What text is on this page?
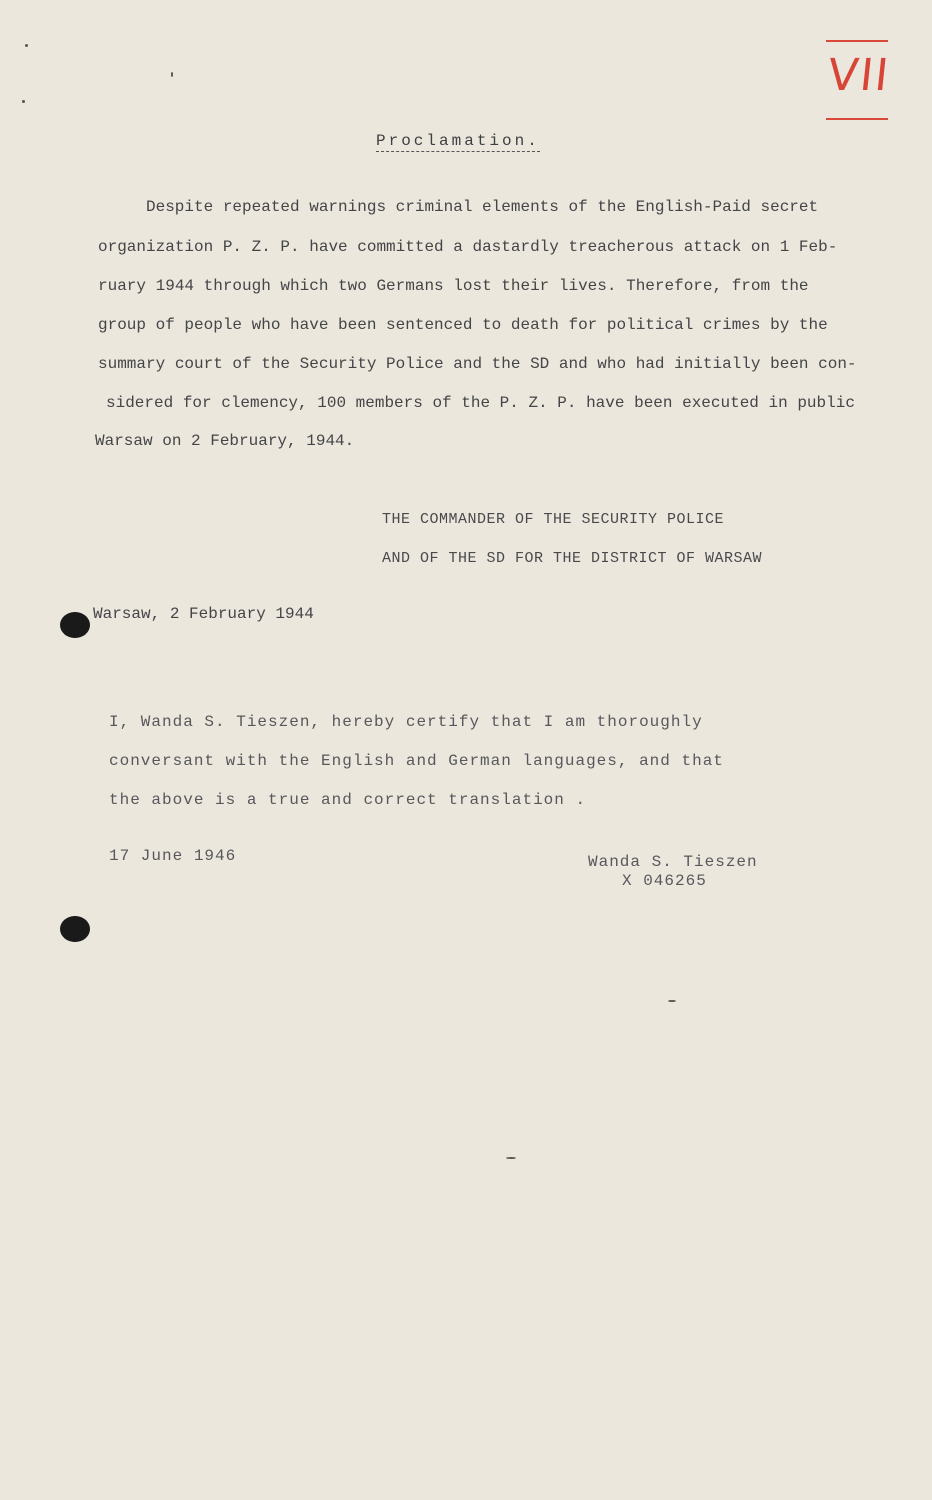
VII
Proclamation.
Despite repeated warnings criminal elements of the English-Paid secret
organization P. Z. P. have committed a dastardly treacherous attack on 1 Feb-
ruary 1944 through which two Germans lost their lives. Therefore, from the
group of people who have been sentenced to death for political crimes by the
summary court of the Security Police and the SD and who had initially been con-
sidered for clemency, 100 members of the P. Z. P. have been executed in public
Warsaw on 2 February, 1944.
THE COMMANDER OF THE SECURITY POLICE
AND OF THE SD FOR THE DISTRICT OF WARSAW
Warsaw, 2 February 1944
I, Wanda S. Tieszen, hereby certify that I am thoroughly
conversant with the English and German languages, and that
the above is a true and correct translation .
17 June 1946	Wanda S. Tieszen
X 046265
